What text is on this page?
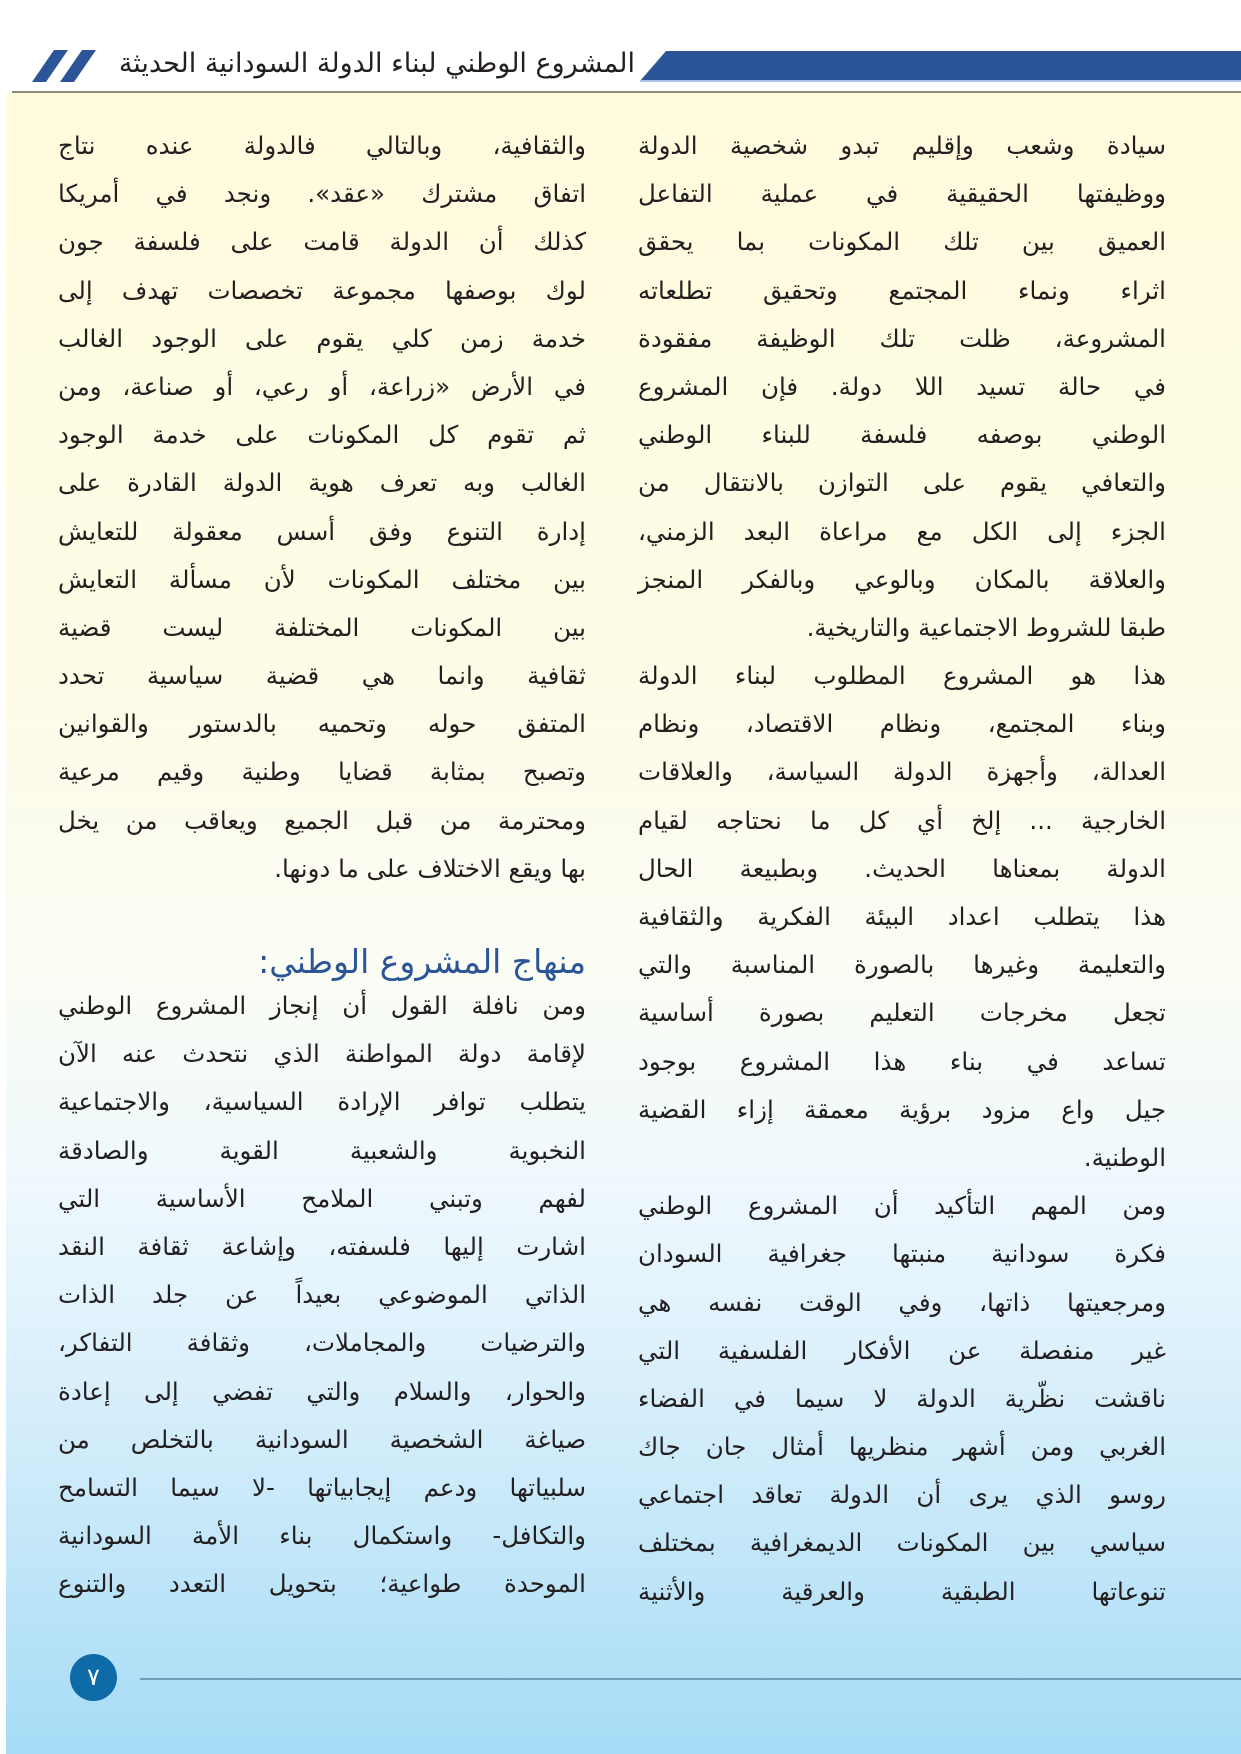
المشروع الوطني لبناء الدولة السودانية الحديثة

سيادة وشعب وإقليم تبدو شخصية الدولة
ووظيفتها الحقيقية في عملية التفاعل
العميق بين تلك المكونات بما يحقق
اثراء ونماء المجتمع وتحقيق تطلعاته
المشروعة، ظلت تلك الوظيفة مفقودة
في حالة تسيد اللا دولة. فإن المشروع
الوطني بوصفه فلسفة للبناء الوطني
والتعافي يقوم على التوازن بالانتقال من
الجزء إلى الكل مع مراعاة البعد الزمني،
والعلاقة بالمكان وبالوعي وبالفكر المنجز
طبقا للشروط الاجتماعية والتاريخية.

هذا هو المشروع المطلوب لبناء الدولة
وبناء المجتمع، ونظام الاقتصاد، ونظام
العدالة، وأجهزة الدولة السياسة، والعلاقات
الخارجية ... إلخ أي كل ما نحتاجه لقيام
الدولة بمعناها الحديث. وبطبيعة الحال
هذا يتطلب اعداد البيئة الفكرية والثقافية
والتعليمة وغيرها بالصورة المناسبة والتي
تجعل مخرجات التعليم بصورة أساسية
تساعد في بناء هذا المشروع بوجود
جيل واع مزود برؤية معمقة إزاء القضية
الوطنية.

ومن المهم التأكيد أن المشروع الوطني
فكرة سودانية منبتها جغرافية السودان
ومرجعيتها ذاتها، وفي الوقت نفسه هي
غير منفصلة عن الأفكار الفلسفية التي
ناقشت نظّرية الدولة لا سيما في الفضاء
الغربي ومن أشهر منظريها أمثال جان جاك
روسو الذي يرى أن الدولة تعاقد اجتماعي
سياسي بين المكونات الديمغرافية بمختلف
تنوعاتها الطبقية والعرقية والأثنية

والثقافية، وبالتالي فالدولة عنده نتاج
اتفاق مشترك «عقد». ونجد في أمريكا
كذلك أن الدولة قامت على فلسفة جون
لوك بوصفها مجموعة تخصصات تهدف إلى
خدمة زمن كلي يقوم على الوجود الغالب
في الأرض «زراعة، أو رعي، أو صناعة، ومن
ثم تقوم كل المكونات على خدمة الوجود
الغالب وبه تعرف هوية الدولة القادرة على
إدارة التنوع وفق أسس معقولة للتعايش
بين مختلف المكونات لأن مسألة التعايش
بين المكونات المختلفة ليست قضية
ثقافية وانما هي قضية سياسية تحدد
المتفق حوله وتحميه بالدستور والقوانين
وتصبح بمثابة قضايا وطنية وقيم مرعية
ومحترمة من قبل الجميع ويعاقب من يخل
بها ويقع الاختلاف على ما دونها.

منهاج المشروع الوطني:

ومن نافلة القول أن إنجاز المشروع الوطني
لإقامة دولة المواطنة الذي نتحدث عنه الآن
يتطلب توافر الإرادة السياسية، والاجتماعية
النخبوية والشعبية القوية والصادقة
لفهم وتبني الملامح الأساسية التي
اشارت إليها فلسفته، وإشاعة ثقافة النقد
الذاتي الموضوعي بعيداً عن جلد الذات
والترضيات والمجاملات، وثقافة التفاكر،
والحوار، والسلام والتي تفضي إلى إعادة
صياغة الشخصية السودانية بالتخلص من
سلبياتها ودعم إيجابياتها -لا سيما التسامح
والتكافل- واستكمال بناء الأمة السودانية
الموحدة طواعية؛ بتحويل التعدد والتنوع

٧
